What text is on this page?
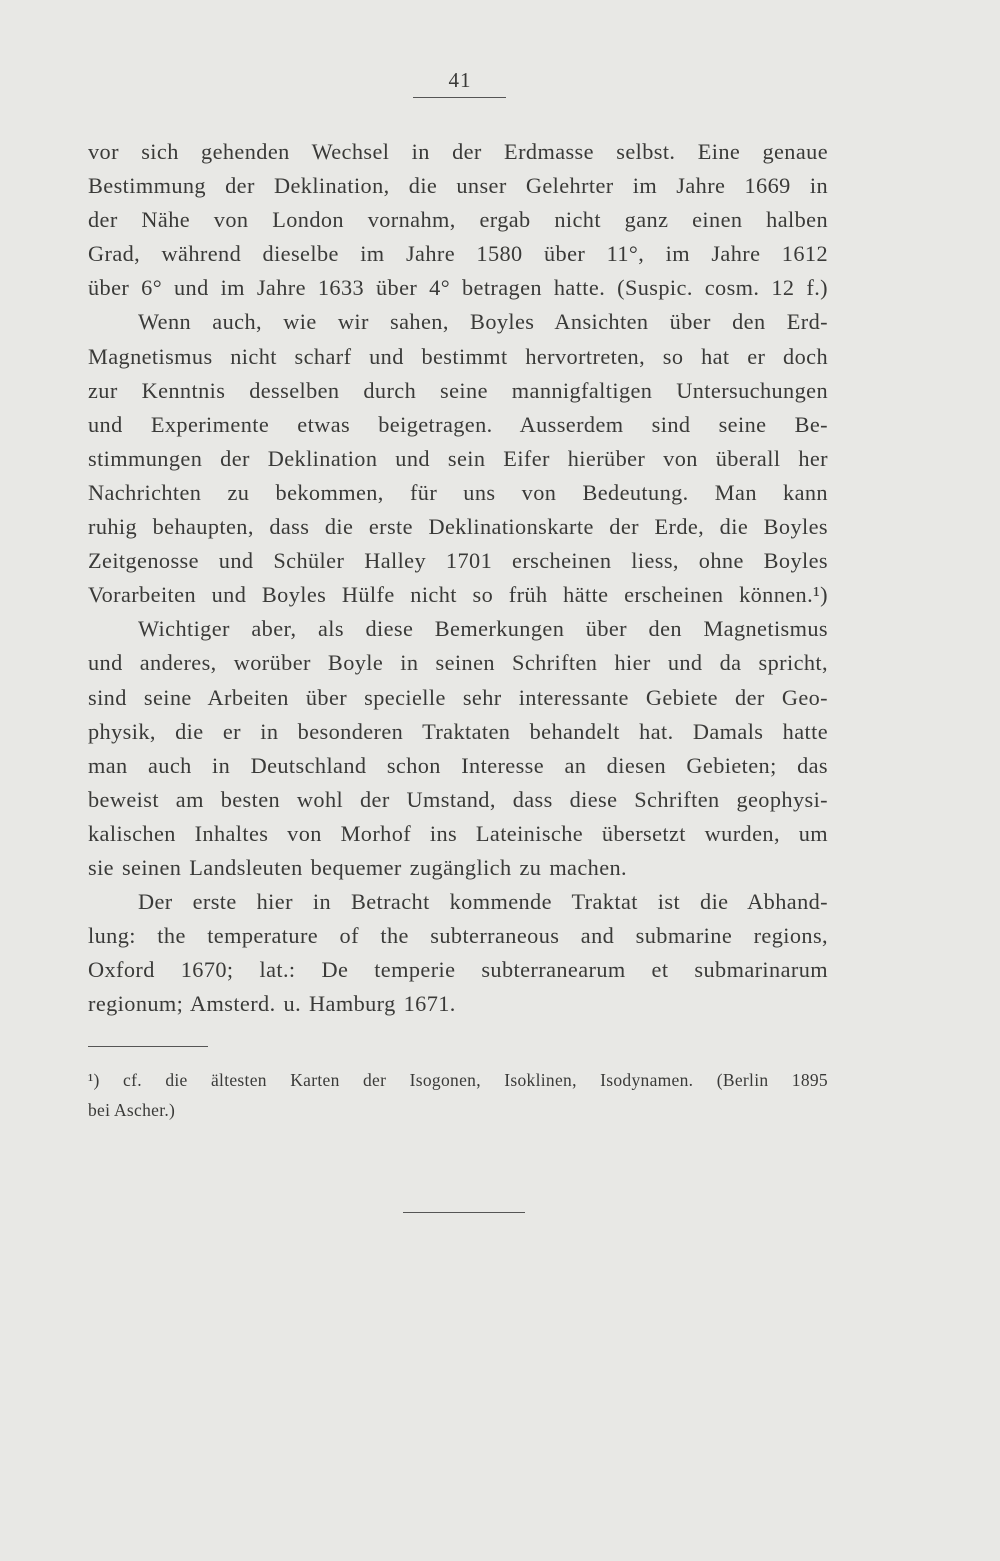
41
vor sich gehenden Wechsel in der Erdmasse selbst. Eine genaue
Bestimmung der Deklination, die unser Gelehrter im Jahre 1669 in
der Nähe von London vornahm, ergab nicht ganz einen halben
Grad, während dieselbe im Jahre 1580 über 11°, im Jahre 1612
über 6° und im Jahre 1633 über 4° betragen hatte. (Suspic. cosm. 12 f.)
Wenn auch, wie wir sahen, Boyles Ansichten über den Erd-
Magnetismus nicht scharf und bestimmt hervortreten, so hat er doch
zur Kenntnis desselben durch seine mannigfaltigen Untersuchungen
und Experimente etwas beigetragen. Ausserdem sind seine Be-
stimmungen der Deklination und sein Eifer hierüber von überall her
Nachrichten zu bekommen, für uns von Bedeutung. Man kann
ruhig behaupten, dass die erste Deklinationskarte der Erde, die Boyles
Zeitgenosse und Schüler Halley 1701 erscheinen liess, ohne Boyles
Vorarbeiten und Boyles Hülfe nicht so früh hätte erscheinen können.¹)
Wichtiger aber, als diese Bemerkungen über den Magnetismus
und anderes, worüber Boyle in seinen Schriften hier und da spricht,
sind seine Arbeiten über specielle sehr interessante Gebiete der Geo-
physik, die er in besonderen Traktaten behandelt hat. Damals hatte
man auch in Deutschland schon Interesse an diesen Gebieten; das
beweist am besten wohl der Umstand, dass diese Schriften geophysi-
kalischen Inhaltes von Morhof ins Lateinische übersetzt wurden, um
sie seinen Landsleuten bequemer zugänglich zu machen.
Der erste hier in Betracht kommende Traktat ist die Abhand-
lung: the temperature of the subterraneous and submarine regions,
Oxford 1670; lat.: De temperie subterranearum et submarinarum
regionum; Amsterd. u. Hamburg 1671.
¹) cf. die ältesten Karten der Isogonen, Isoklinen, Isodynamen. (Berlin 1895
bei Ascher.)
